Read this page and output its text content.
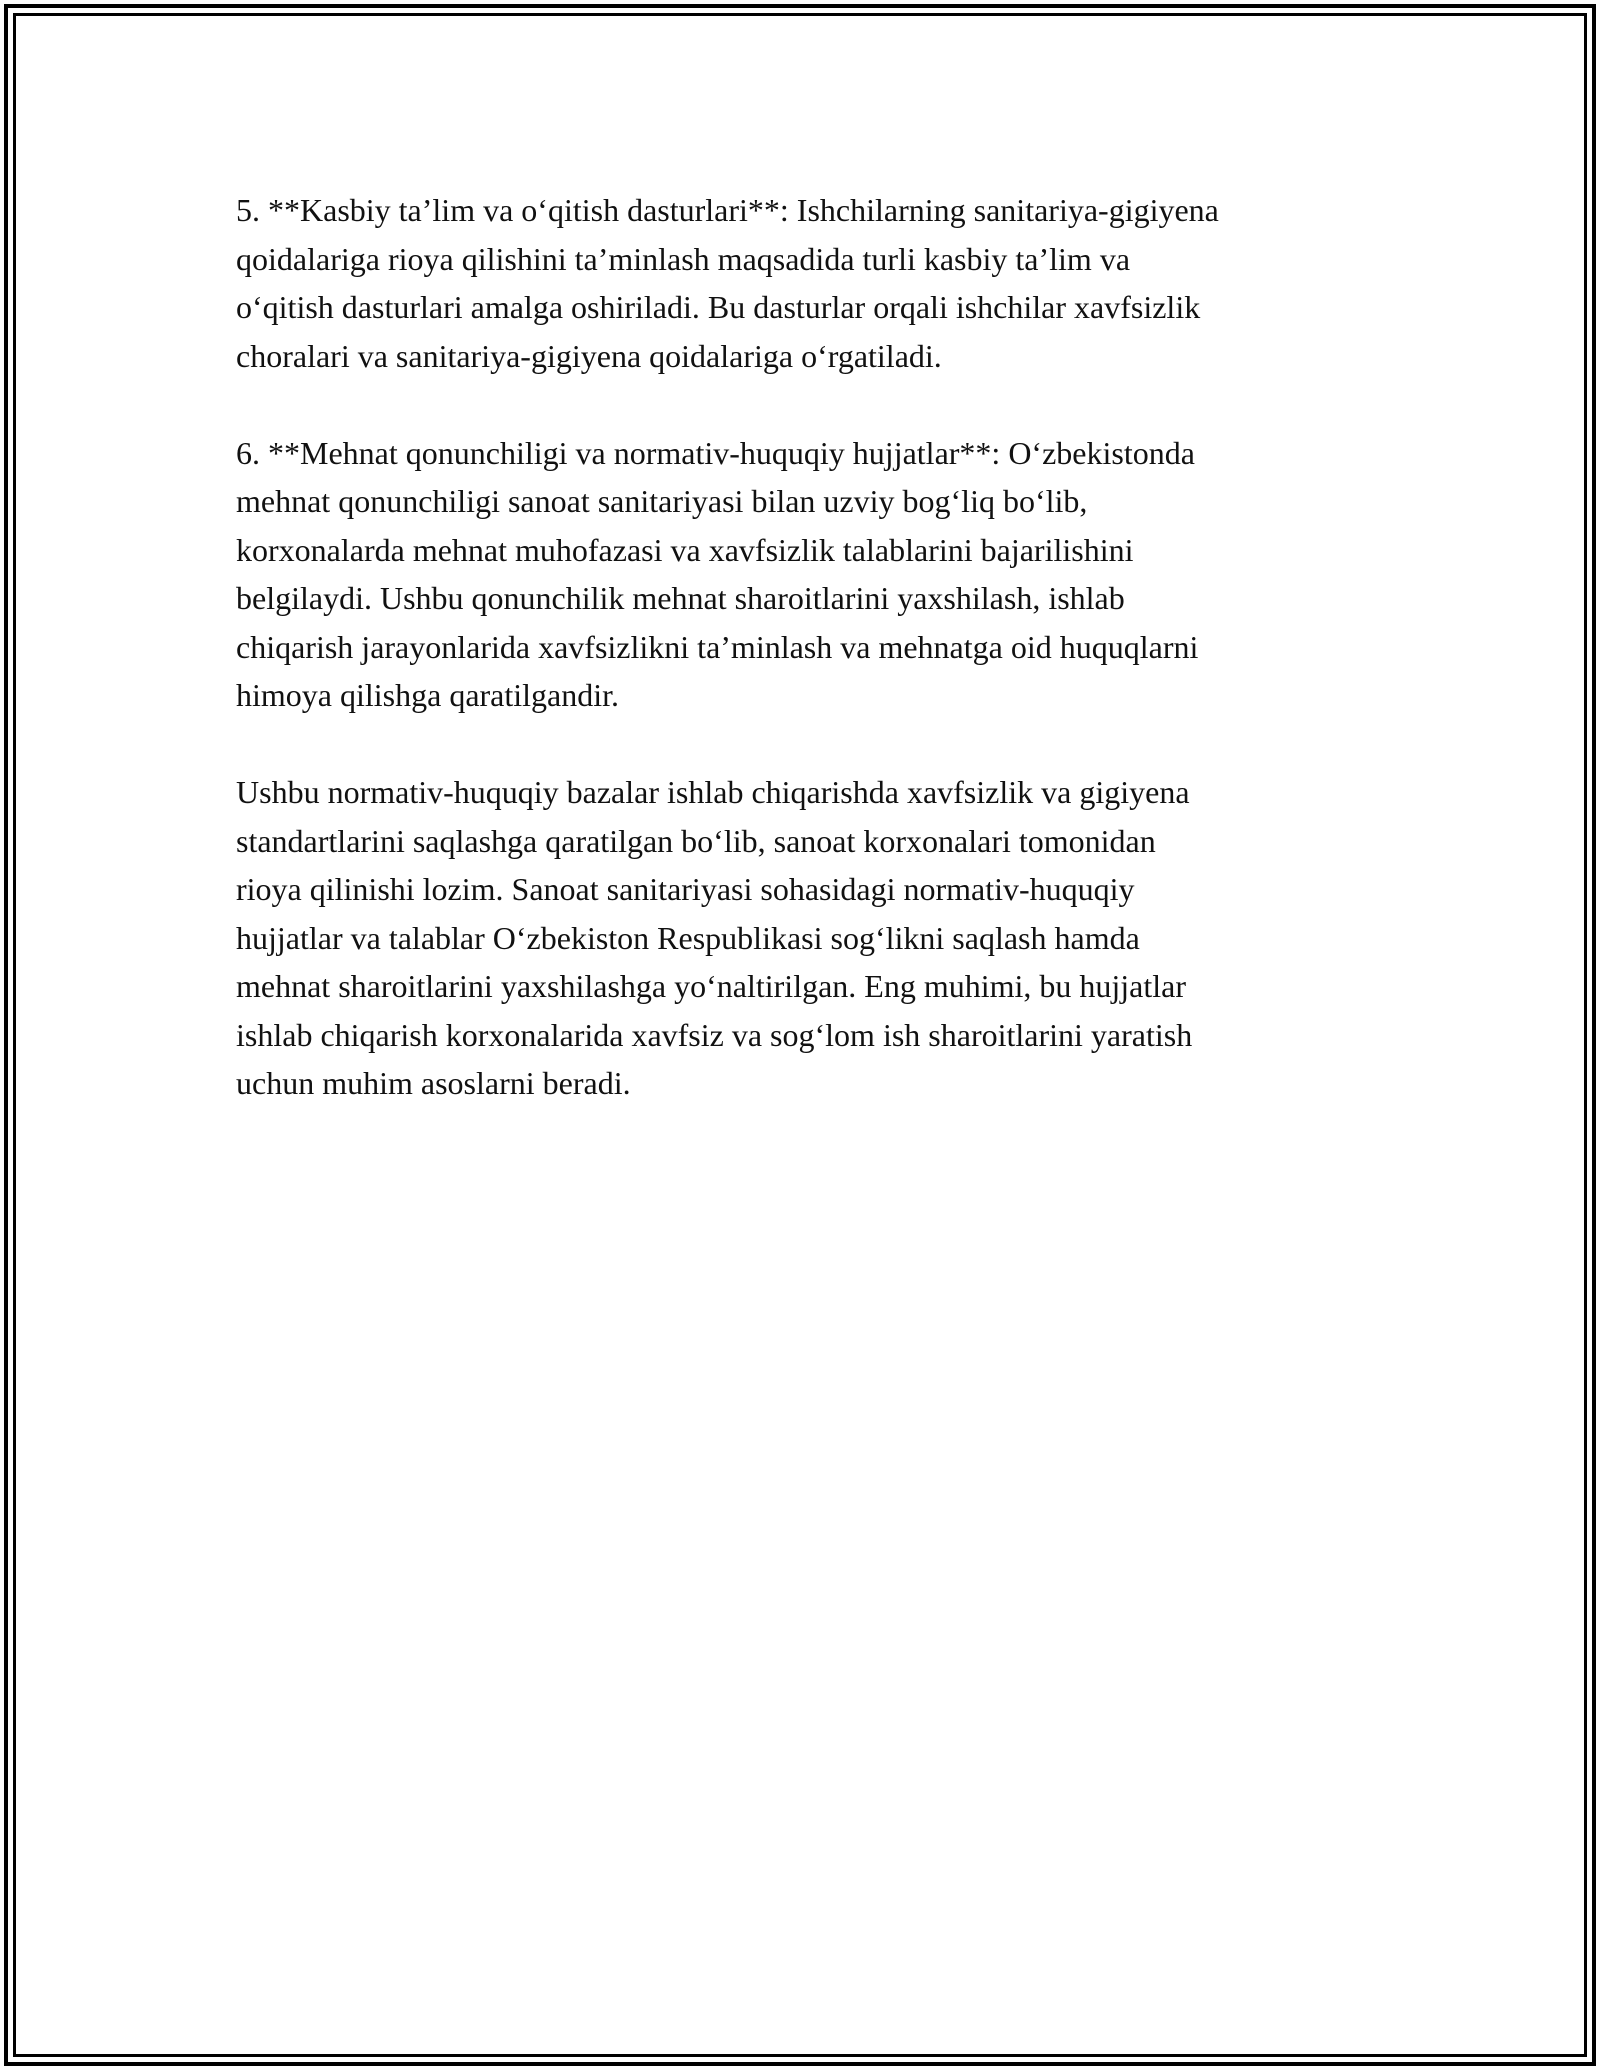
5. **Kasbiy ta’lim va o‘qitish dasturlari**: Ishchilarning sanitariya-gigiyena
qoidalariga rioya qilishini ta’minlash maqsadida turli kasbiy ta’lim va
o‘qitish dasturlari amalga oshiriladi. Bu dasturlar orqali ishchilar xavfsizlik
choralari va sanitariya-gigiyena qoidalariga o‘rgatiladi.

6. **Mehnat qonunchiligi va normativ-huquqiy hujjatlar**: O‘zbekistonda
mehnat qonunchiligi sanoat sanitariyasi bilan uzviy bog‘liq bo‘lib,
korxonalarda mehnat muhofazasi va xavfsizlik talablarini bajarilishini
belgilaydi. Ushbu qonunchilik mehnat sharoitlarini yaxshilash, ishlab
chiqarish jarayonlarida xavfsizlikni ta’minlash va mehnatga oid huquqlarni
himoya qilishga qaratilgandir.

Ushbu normativ-huquqiy bazalar ishlab chiqarishda xavfsizlik va gigiyena
standartlarini saqlashga qaratilgan bo‘lib, sanoat korxonalari tomonidan
rioya qilinishi lozim. Sanoat sanitariyasi sohasidagi normativ-huquqiy
hujjatlar va talablar O‘zbekiston Respublikasi sog‘likni saqlash hamda
mehnat sharoitlarini yaxshilashga yo‘naltirilgan. Eng muhimi, bu hujjatlar
ishlab chiqarish korxonalarida xavfsiz va sog‘lom ish sharoitlarini yaratish
uchun muhim asoslarni beradi.
